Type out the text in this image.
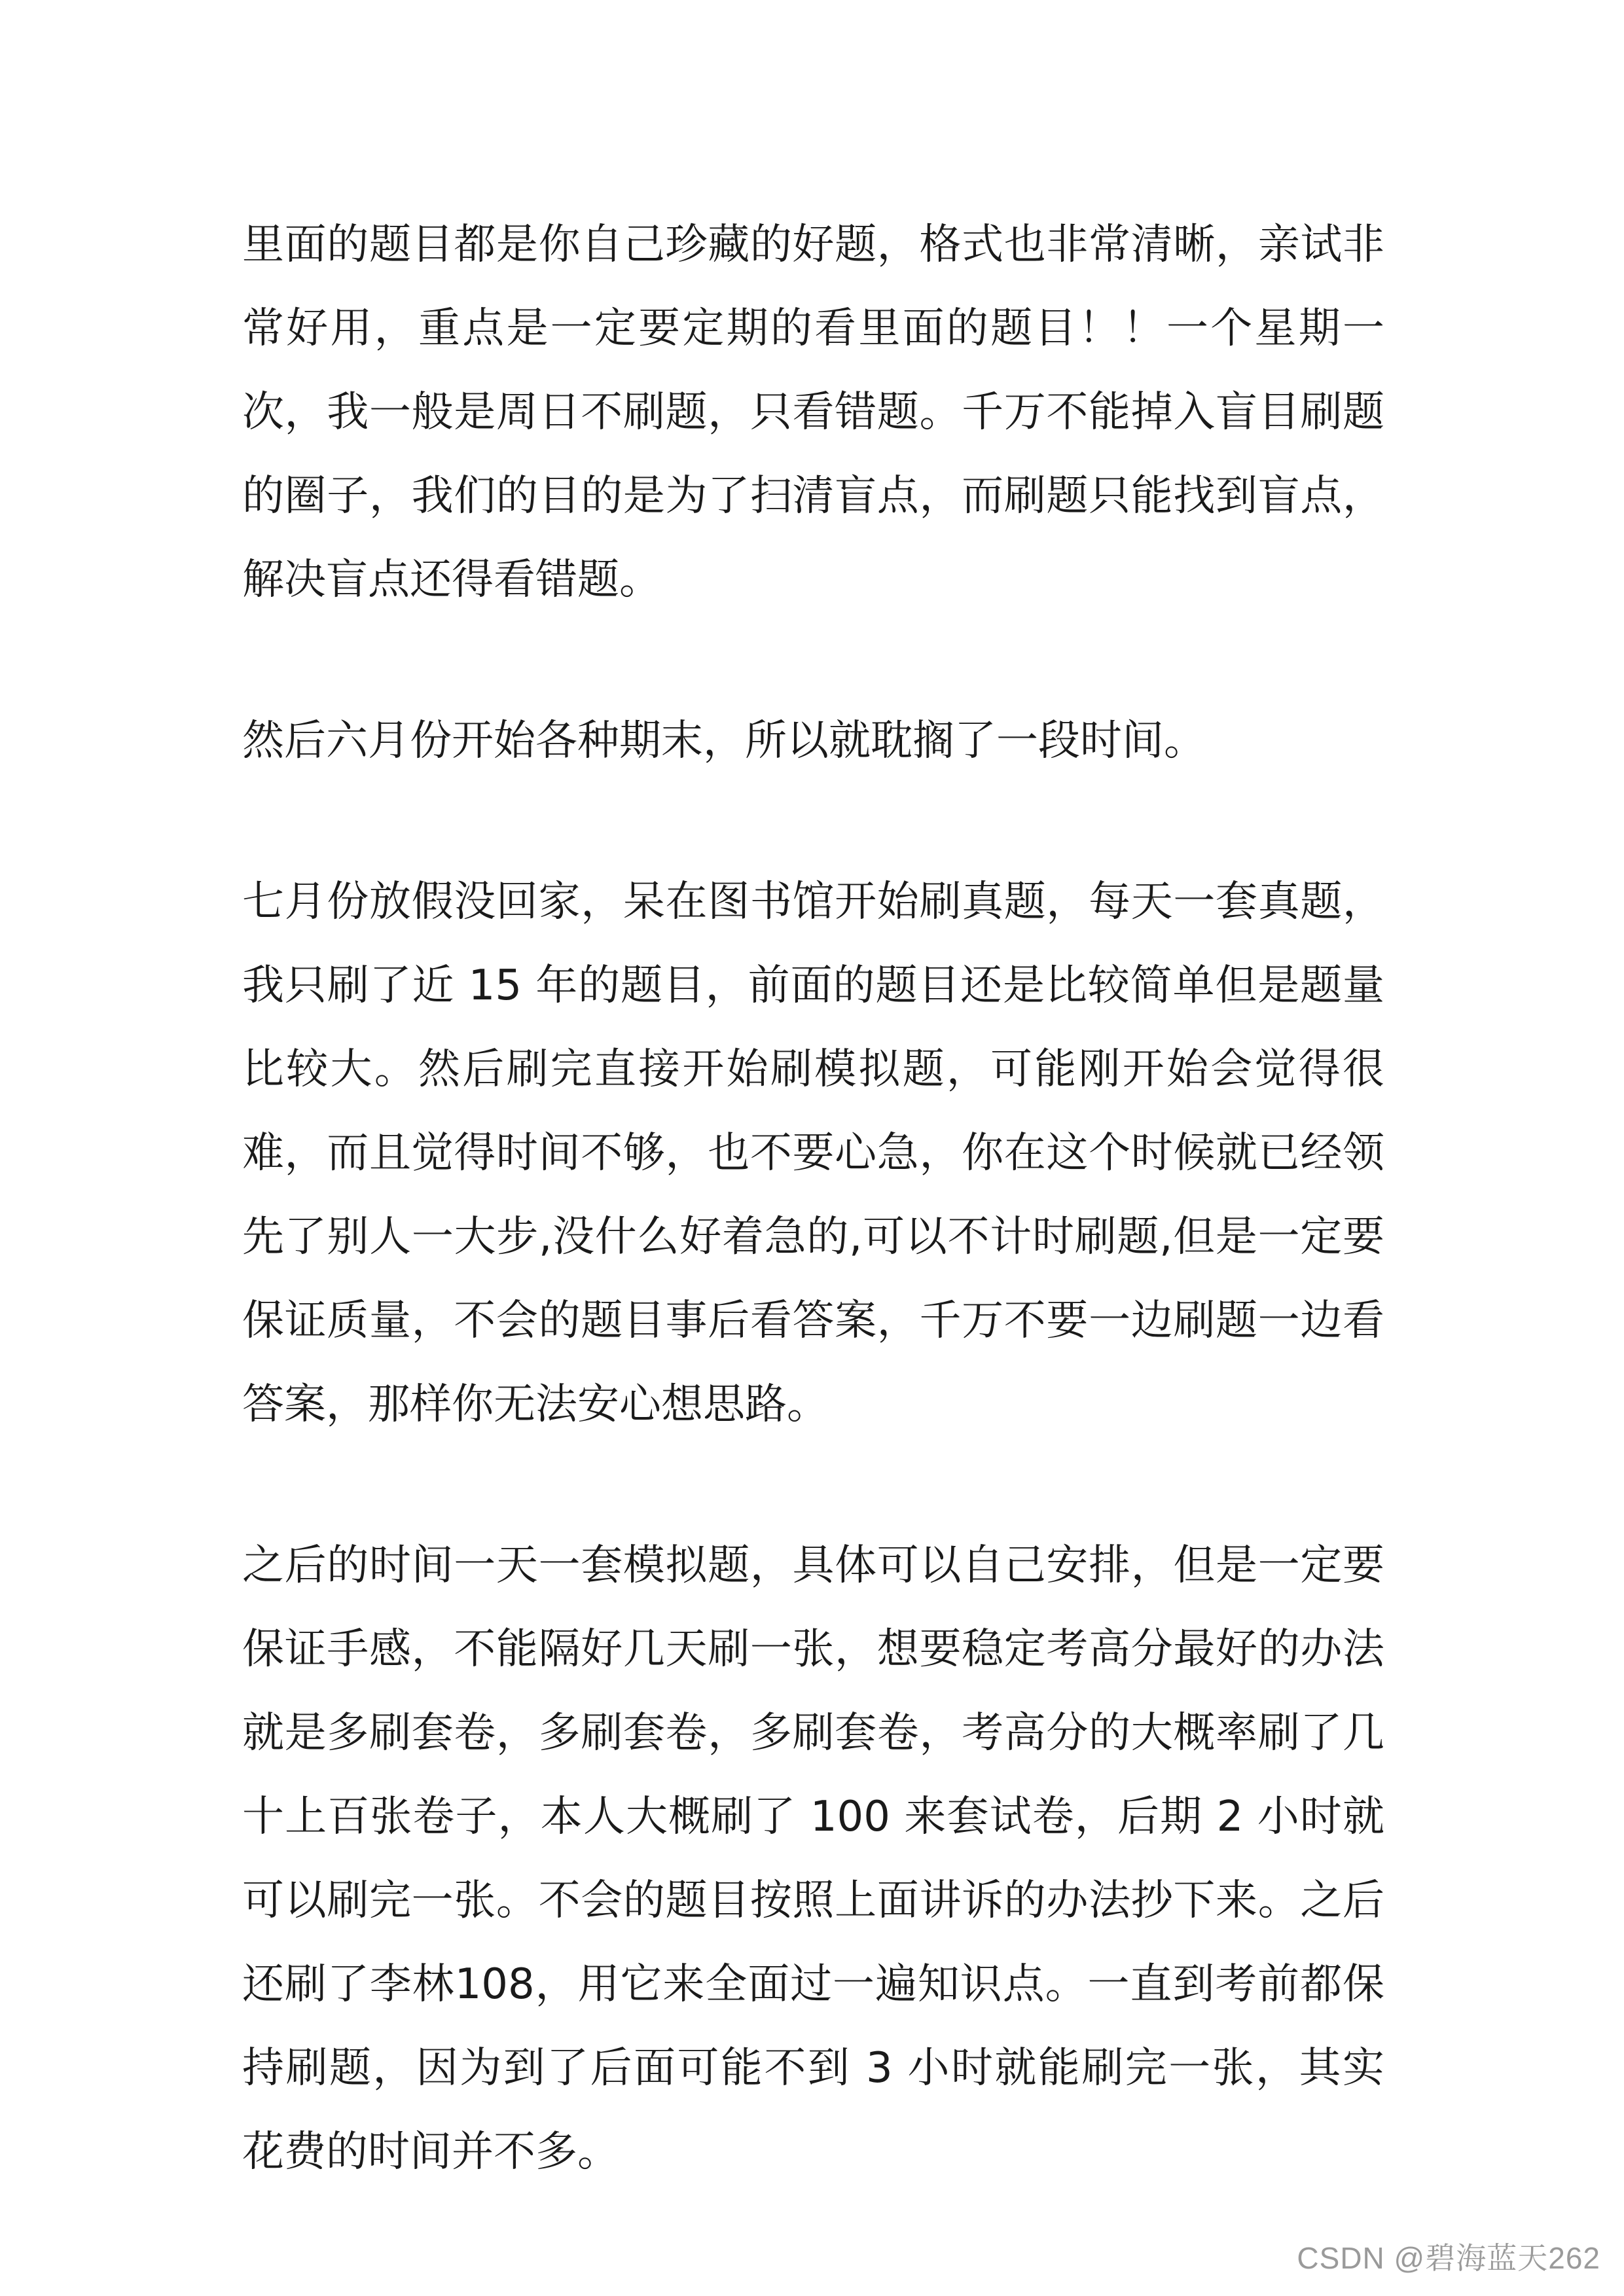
里面的题目都是你自己珍藏的好题，格式也非常清晰，亲试非常好用，重点是一定要定期的看里面的题目！！一个星期一次，我一般是周日不刷题，只看错题。千万不能掉入盲目刷题的圈子，我们的目的是为了扫清盲点，而刷题只能找到盲点，解决盲点还得看错题。

然后六月份开始各种期末，所以就耽搁了一段时间。

七月份放假没回家，呆在图书馆开始刷真题，每天一套真题，我只刷了近 15 年的题目，前面的题目还是比较简单但是题量比较大。然后刷完直接开始刷模拟题，可能刚开始会觉得很难，而且觉得时间不够，也不要心急，你在这个时候就已经领先了别人一大步,没什么好着急的,可以不计时刷题,但是一定要保证质量，不会的题目事后看答案，千万不要一边刷题一边看答案，那样你无法安心想思路。

之后的时间一天一套模拟题，具体可以自己安排，但是一定要保证手感，不能隔好几天刷一张，想要稳定考高分最好的办法就是多刷套卷，多刷套卷，多刷套卷，考高分的大概率刷了几十上百张卷子，本人大概刷了 100 来套试卷，后期 2 小时就可以刷完一张。不会的题目按照上面讲诉的办法抄下来。之后还刷了李林108，用它来全面过一遍知识点。一直到考前都保持刷题，因为到了后面可能不到 3 小时就能刷完一张，其实花费的时间并不多。

CSDN @碧海蓝天262
